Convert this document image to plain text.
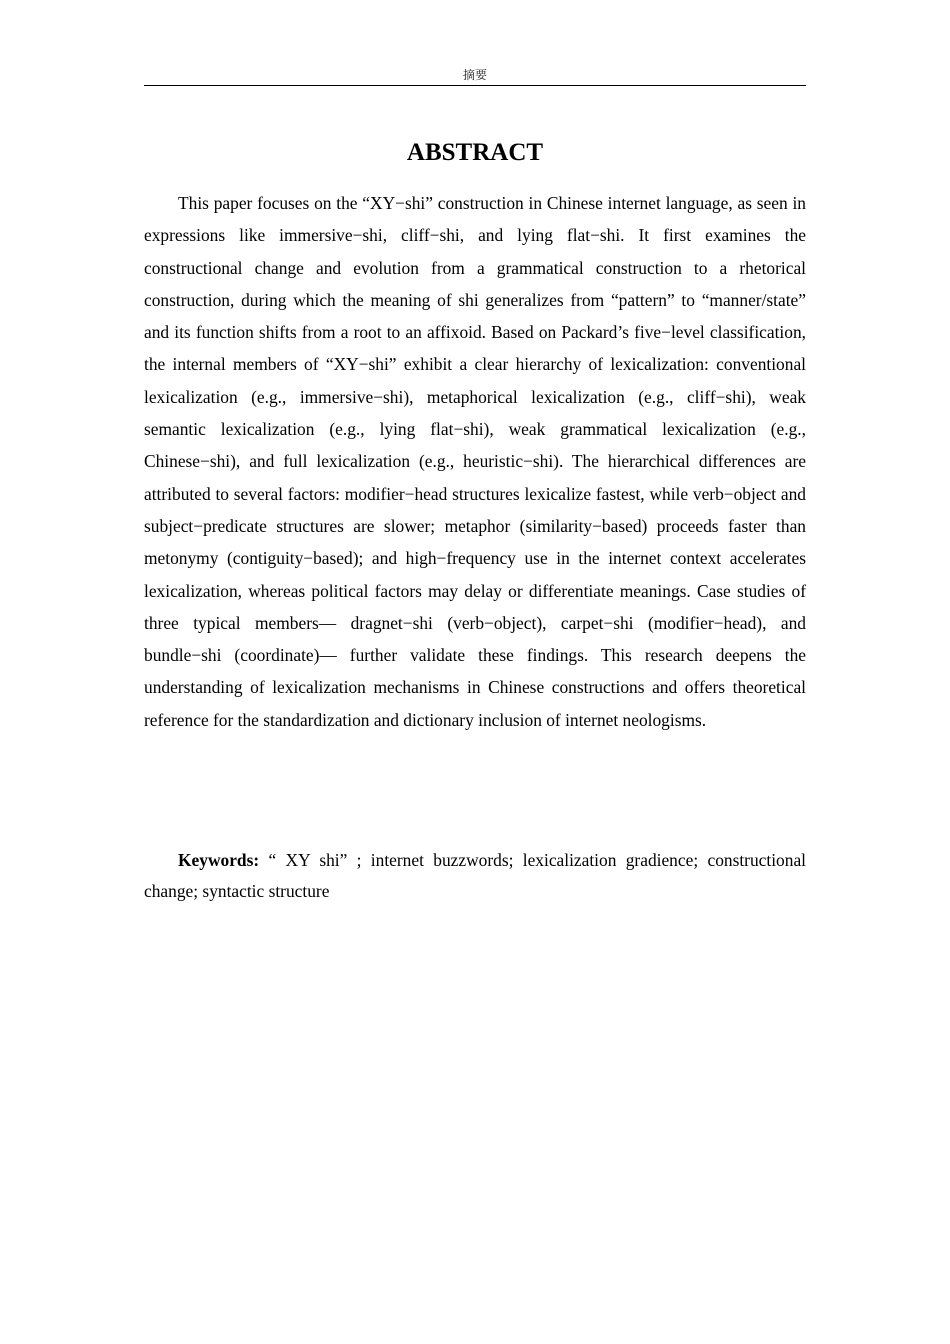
摘要
ABSTRACT

This paper focuses on the “XY−shi” construction in Chinese internet language, as seen in expressions like immersive−shi, cliff−shi, and lying flat−shi. It first examines the constructional change and evolution from a grammatical construction to a rhetorical construction, during which the meaning of shi generalizes from “pattern” to “manner/state” and its function shifts from a root to an affixoid. Based on Packard’s five−level classification, the internal members of “XY−shi” exhibit a clear hierarchy of lexicalization: conventional lexicalization (e.g., immersive−shi), metaphorical lexicalization (e.g., cliff−shi), weak semantic lexicalization (e.g., lying flat−shi), weak grammatical lexicalization (e.g., Chinese−shi), and full lexicalization (e.g., heuristic−shi). The hierarchical differences are attributed to several factors: modifier−head structures lexicalize fastest, while verb−object and subject−predicate structures are slower; metaphor (similarity−based) proceeds faster than metonymy (contiguity−based); and high−frequency use in the internet context accelerates lexicalization, whereas political factors may delay or differentiate meanings. Case studies of three typical members— dragnet−shi (verb−object), carpet−shi (modifier−head), and bundle−shi (coordinate)— further validate these findings. This research deepens the understanding of lexicalization mechanisms in Chinese constructions and offers theoretical reference for the standardization and dictionary inclusion of internet neologisms.

Keywords: “ XY shi” ; internet buzzwords; lexicalization gradience; constructional change; syntactic structure
